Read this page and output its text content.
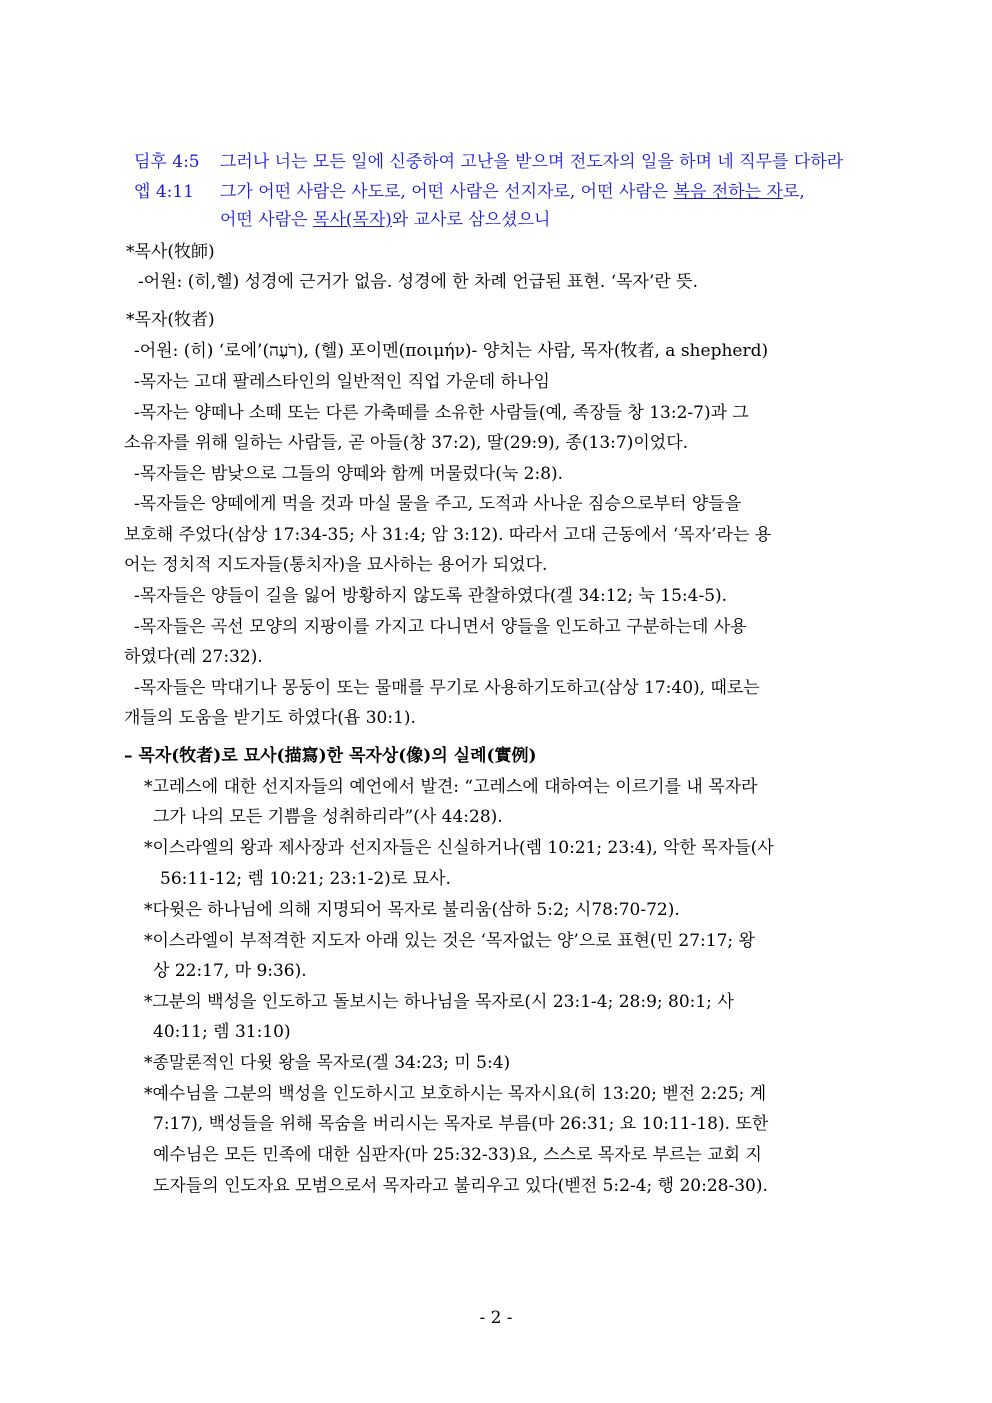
딤후 4:5 그러나 너는 모든 일에 신중하여 고난을 받으며 전도자의 일을 하며 네 직무를 다하라
엡 4:11 그가 어떤 사람은 사도로, 어떤 사람은 선지자로, 어떤 사람은 복음 전하는 자로,
어떤 사람은 목사(목자)와 교사로 삼으셨으니
*목사(牧師)
-어원: (히,헬) 성경에 근거가 없음. 성경에 한 차례 언급된 표현. ‘목자’란 뜻.
*목자(牧者)
-어원: (히) ‘로에’(רֹעֶה), (헬) 포이멘(ποιμήν)- 양치는 사람, 목자(牧者, a shepherd)
-목자는 고대 팔레스타인의 일반적인 직업 가운데 하나임
-목자는 양떼나 소떼 또는 다른 가축떼를 소유한 사람들(예, 족장들 창 13:2-7)과 그
소유자를 위해 일하는 사람들, 곧 아들(창 37:2), 딸(29:9), 종(13:7)이었다.
-목자들은 밤낮으로 그들의 양떼와 함께 머물렀다(눅 2:8).
-목자들은 양떼에게 먹을 것과 마실 물을 주고, 도적과 사나운 짐승으로부터 양들을
보호해 주었다(삼상 17:34-35; 사 31:4; 암 3:12). 따라서 고대 근동에서 ‘목자’라는 용
어는 정치적 지도자들(통치자)을 묘사하는 용어가 되었다.
-목자들은 양들이 길을 잃어 방황하지 않도록 관찰하였다(겔 34:12; 눅 15:4-5).
-목자들은 곡선 모양의 지팡이를 가지고 다니면서 양들을 인도하고 구분하는데 사용
하였다(레 27:32).
-목자들은 막대기나 몽둥이 또는 물매를 무기로 사용하기도하고(삼상 17:40), 때로는
개들의 도움을 받기도 하였다(욥 30:1).
– 목자(牧者)로 묘사(描寫)한 목자상(像)의 실례(實例)
*고레스에 대한 선지자들의 예언에서 발견: “고레스에 대하여는 이르기를 내 목자라
그가 나의 모든 기쁨을 성취하리라”(사 44:28).
*이스라엘의 왕과 제사장과 선지자들은 신실하거나(렘 10:21; 23:4), 악한 목자들(사
56:11-12; 렘 10:21; 23:1-2)로 묘사.
*다윗은 하나님에 의해 지명되어 목자로 불리움(삼하 5:2; 시78:70-72).
*이스라엘이 부적격한 지도자 아래 있는 것은 ‘목자없는 양’으로 표현(민 27:17; 왕
상 22:17, 마 9:36).
*그분의 백성을 인도하고 돌보시는 하나님을 목자로(시 23:1-4; 28:9; 80:1; 사
40:11; 렘 31:10)
*종말론적인 다윗 왕을 목자로(겔 34:23; 미 5:4)
*예수님을 그분의 백성을 인도하시고 보호하시는 목자시요(히 13:20; 벧전 2:25; 계
7:17), 백성들을 위해 목숨을 버리시는 목자로 부름(마 26:31; 요 10:11-18). 또한
예수님은 모든 민족에 대한 심판자(마 25:32-33)요, 스스로 목자로 부르는 교회 지
도자들의 인도자요 모범으로서 목자라고 불리우고 있다(벧전 5:2-4; 행 20:28-30).
- 2 -
